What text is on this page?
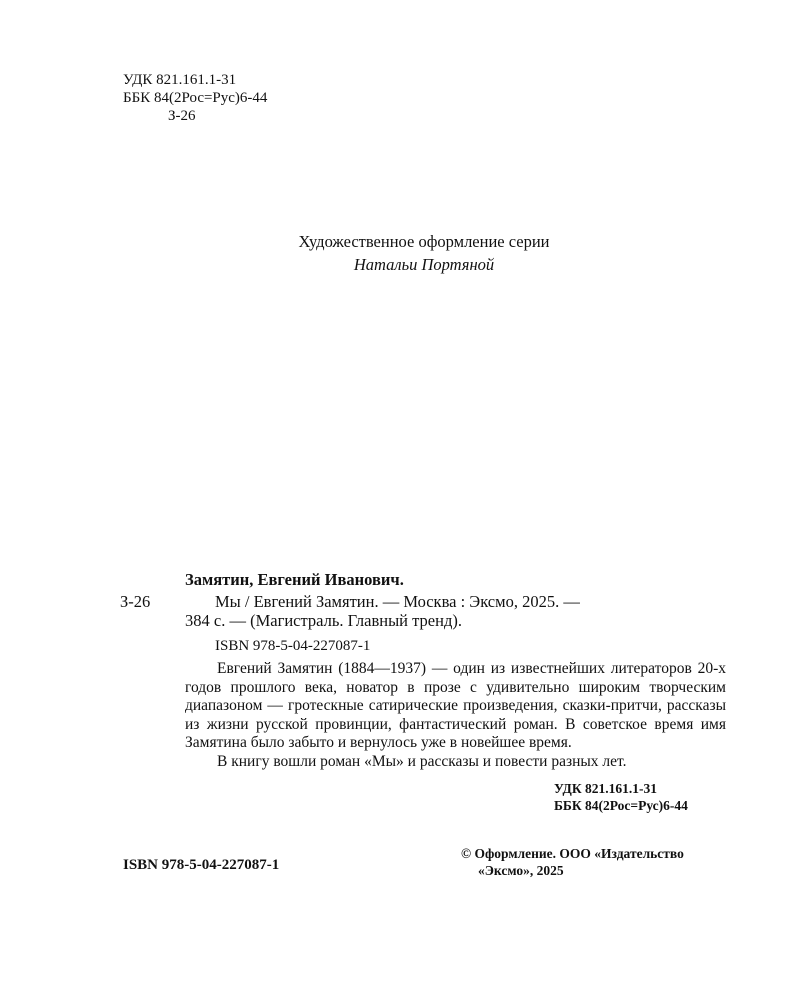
УДК 821.161.1-31
ББК 84(2Рос=Рус)6-44
З-26
Художественное оформление серии
Натальи Портяной
Замятин, Евгений Иванович.
З-26	Мы / Евгений Замятин. — Москва : Эксмо, 2025. —
384 с. — (Магистраль. Главный тренд).
ISBN 978-5-04-227087-1

Евгений Замятин (1884—1937) — один из известнейших литераторов 20-х годов прошлого века, новатор в прозе с удивительно широким творческим диапазоном — гротескные сатирические произведения, сказки-притчи, рассказы из жизни русской провинции, фантастический роман. В советское время имя Замятина было забыто и вернулось уже в новейшее время.

В книгу вошли роман «Мы» и рассказы и повести разных лет.

УДК 821.161.1-31
ББК 84(2Рос=Рус)6-44
ISBN 978-5-04-227087-1
© Оформление. ООО «Издательство
«Эксмо», 2025
